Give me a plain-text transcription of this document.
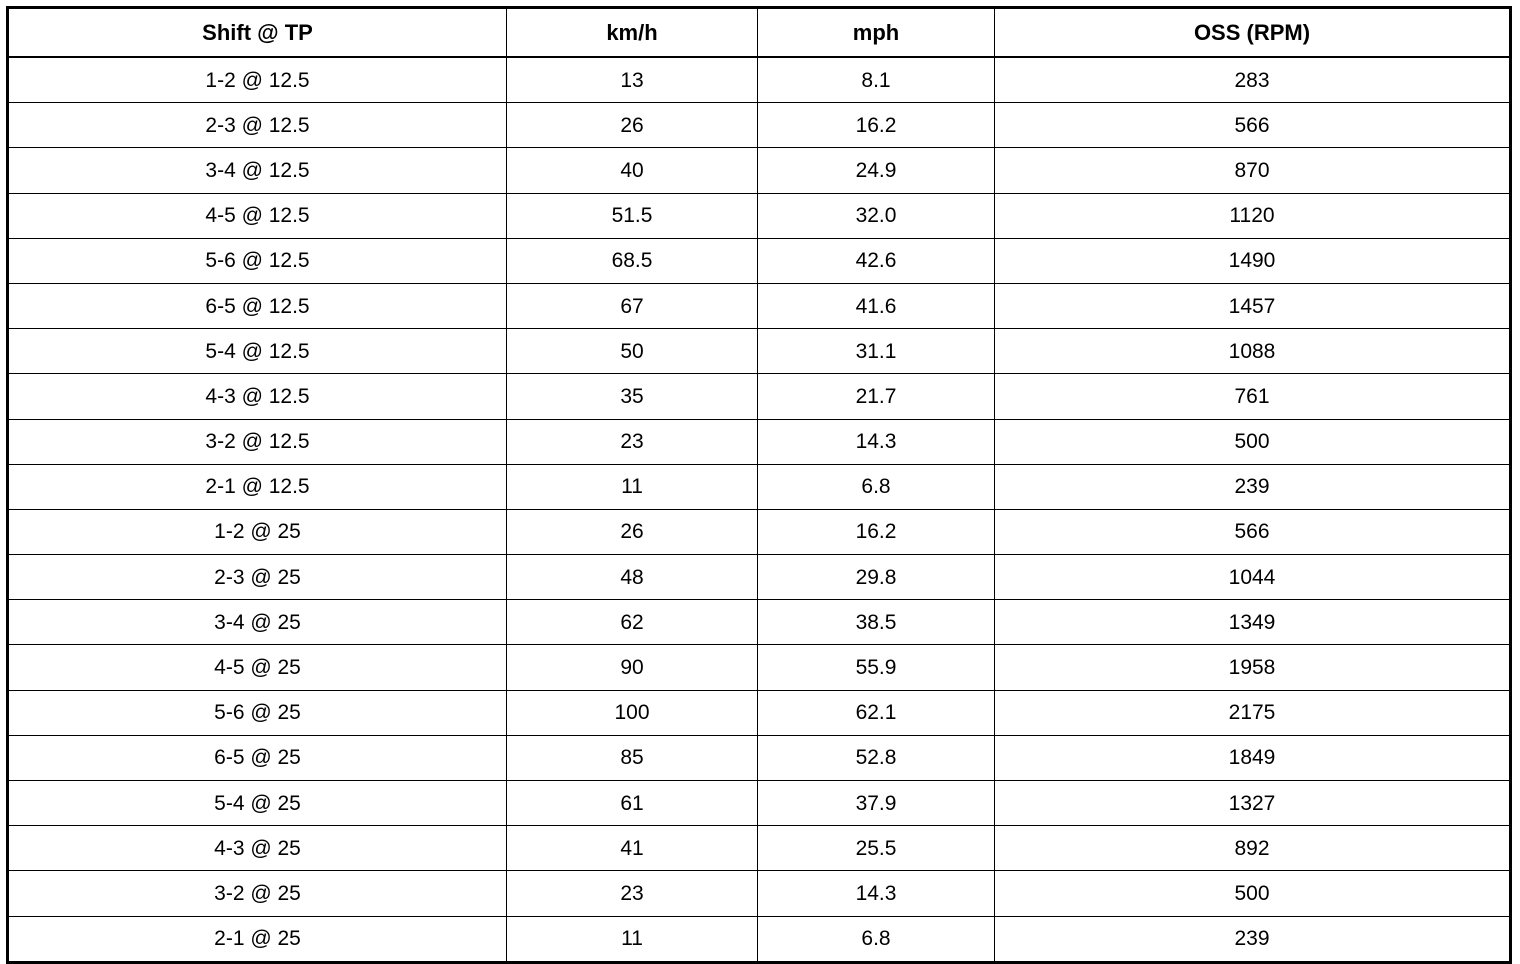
Shift @ TP	km/h	mph	OSS (RPM)
1-2 @ 12.5	13	8.1	283
2-3 @ 12.5	26	16.2	566
3-4 @ 12.5	40	24.9	870
4-5 @ 12.5	51.5	32.0	1120
5-6 @ 12.5	68.5	42.6	1490
6-5 @ 12.5	67	41.6	1457
5-4 @ 12.5	50	31.1	1088
4-3 @ 12.5	35	21.7	761
3-2 @ 12.5	23	14.3	500
2-1 @ 12.5	11	6.8	239
1-2 @ 25	26	16.2	566
2-3 @ 25	48	29.8	1044
3-4 @ 25	62	38.5	1349
4-5 @ 25	90	55.9	1958
5-6 @ 25	100	62.1	2175
6-5 @ 25	85	52.8	1849
5-4 @ 25	61	37.9	1327
4-3 @ 25	41	25.5	892
3-2 @ 25	23	14.3	500
2-1 @ 25	11	6.8	239
